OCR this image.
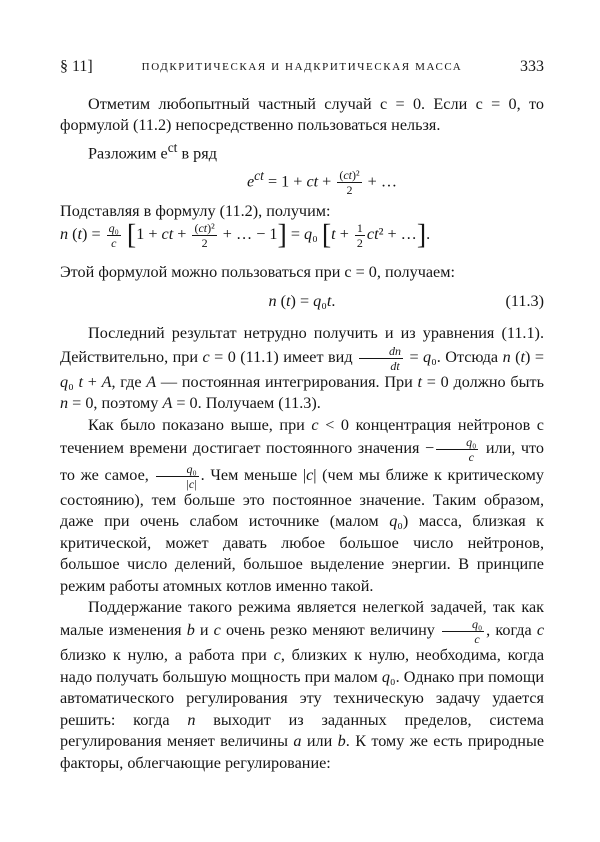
§ 11]	ПОДКРИТИЧЕСКАЯ И НАДКРИТИЧЕСКАЯ МАССА	333

Отметим любопытный частный случай c = 0. Если c = 0, то формулой (11.2) непосредственно пользоваться нельзя.

Разложим $e^{ct}$ в ряд

$e^{ct} = 1$ + ct + $\frac{\text{(ct)²}}{2}$ + …

Подставляя в формулу (11.2), получим:

n $(t) = \frac{\text{q₀}}{c} [1$ + ct + $\frac{\text{(ct)²}}{2}$ + … − 1] = q₀ [$t + \frac{1}{2} ct^2$ + …].

Этой формулой можно пользоваться при c = 0, получаем:

n (t) = q₀t.	(11.3)

Последний результат нетрудно получить и из уравнения (11.1). Действительно, при c = 0 (11.1) имеет вид $\frac{dn}{dt} = q_0$. Отсюда n (t) = q₀ t + A, где A — постоянная интегрирования. При t = 0 должно быть n = 0, поэтому A = 0. Получаем (11.3).

Как было показано выше, при c < 0 концентрация нейтронов с течением времени достигает постоянного значения − $\frac{\text{q₀}}{c}$ или, что то же самое, $\frac{\text{q₀}}{|c|}$ . Чем меньше |c| (чем мы ближе к критическому состоянию), тем больше это постоянное значение. Таким образом, даже при очень слабом источнике (малом q₀) масса, близкая к критической, может давать любое большое число нейтронов, большое число делений, большое выделение энергии. В принципе режим работы атомных котлов именно такой.

Поддержание такого режима является нелегкой задачей, так как малые изменения b и c очень резко меняют величину $\frac{\text{q₀}}{c}$ , когда c близко к нулю, а работа при c, близких к нулю, необходима, когда надо получать большую мощность при малом q₀. Однако при помощи автоматического регулирования эту техническую задачу удается решить: когда n выходит из заданных пределов, система регулирования меняет величины a или b. К тому же есть природные факторы, облегчающие регулирование:
